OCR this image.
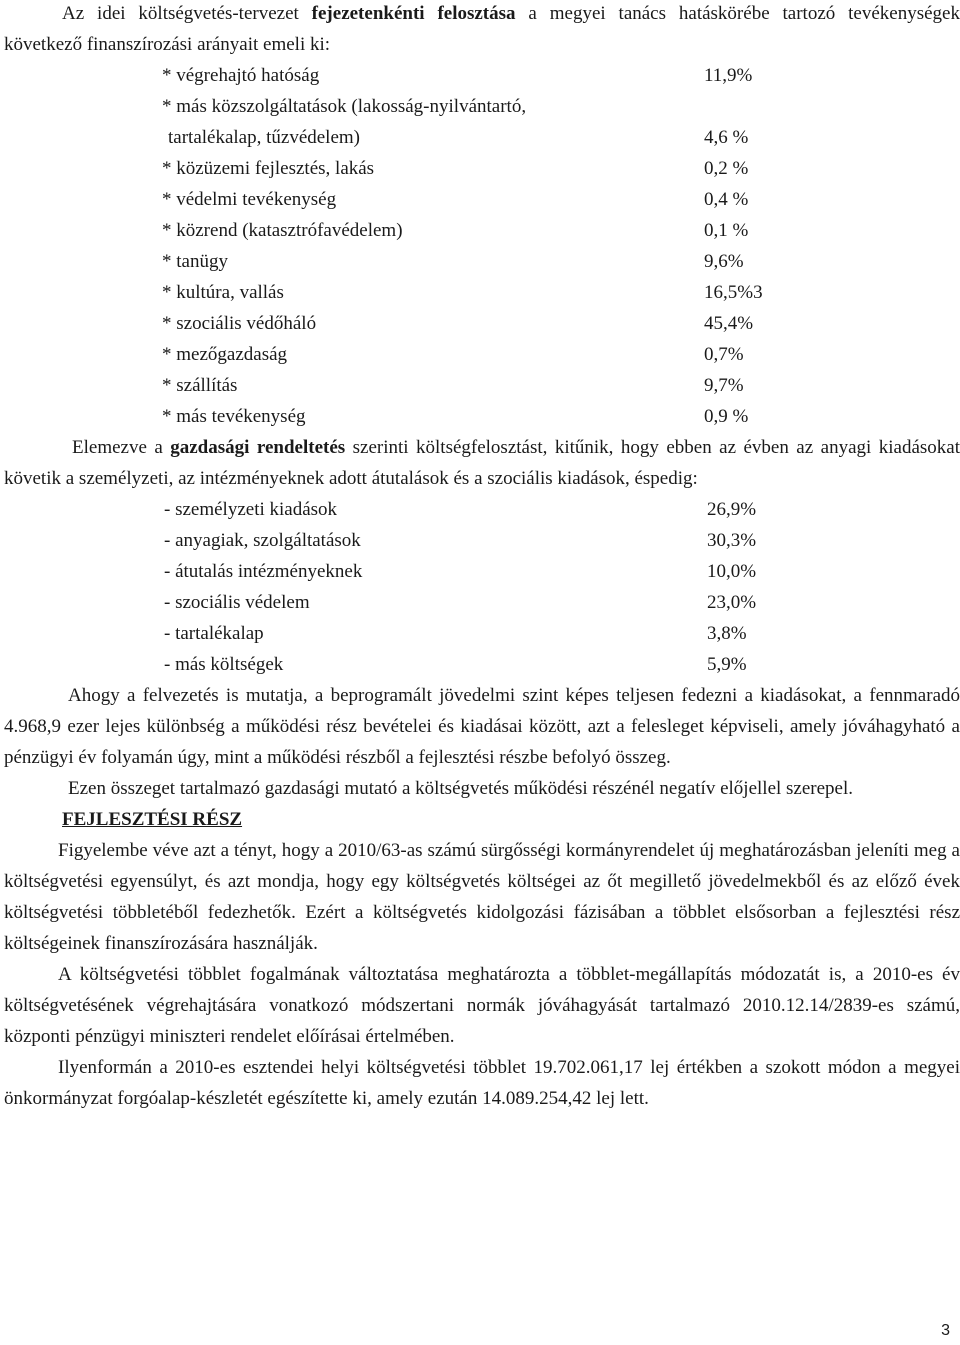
Az idei költségvetés-tervezet fejezetenkénti felosztása a megyei tanács hatáskörébe tartozó tevékenységek következő finanszírozási arányait emeli ki:

* végrehajtó hatóság	11,9%
* más közszolgáltatások (lakosság-nyilvántartó,
tartalékalap, tűzvédelem)	4,6 %
* közüzemi fejlesztés, lakás	0,2 %
* védelmi tevékenység	0,4 %
* közrend (katasztrófavédelem)	0,1 %
* tanügy	9,6%
* kultúra, vallás	16,5%3
* szociális védőháló	45,4%
* mezőgazdaság	0,7%
* szállítás	9,7%
* más tevékenység	0,9 %

Elemezve a gazdasági rendeltetés szerinti költségfelosztást, kitűnik, hogy ebben az évben az anyagi kiadásokat követik a személyzeti, az intézményeknek adott átutalások és a szociális kiadások, éspedig:

- személyzeti kiadások	26,9%
- anyagiak, szolgáltatások	30,3%
- átutalás intézményeknek	10,0%
- szociális védelem	23,0%
- tartalékalap	3,8%
- más költségek	5,9%

Ahogy a felvezetés is mutatja, a beprogramált jövedelmi szint képes teljesen fedezni a kiadásokat, a fennmaradó 4.968,9 ezer lejes különbség a működési rész bevételei és kiadásai között, azt a felesleget képviseli, amely jóváhagyható a pénzügyi év folyamán úgy, mint a működési részből a fejlesztési részbe befolyó összeg.

Ezen összeget tartalmazó gazdasági mutató a költségvetés működési részénél negatív előjellel szerepel.

FEJLESZTÉSI RÉSZ

Figyelembe véve azt a tényt, hogy a 2010/63-as számú sürgősségi kormányrendelet új meghatározásban jeleníti meg a költségvetési egyensúlyt, és azt mondja, hogy egy költségvetés költségei az őt megillető jövedelmekből és az előző évek költségvetési többletéből fedezhetők. Ezért a költségvetés kidolgozási fázisában a többlet elsősorban a fejlesztési rész költségeinek finanszírozására használják.

A költségvetési többlet fogalmának változtatása meghatározta a többlet-megállapítás módozatát is, a 2010-es év költségvetésének végrehajtására vonatkozó módszertani normák jóváhagyását tartalmazó 2010.12.14/2839-es számú, központi pénzügyi miniszteri rendelet előírásai értelmében.

Ilyenformán a 2010-es esztendei helyi költségvetési többlet 19.702.061,17 lej értékben a szokott módon a megyei önkormányzat forgóalap-készletét egészítette ki, amely ezután 14.089.254,42 lej lett.

3
